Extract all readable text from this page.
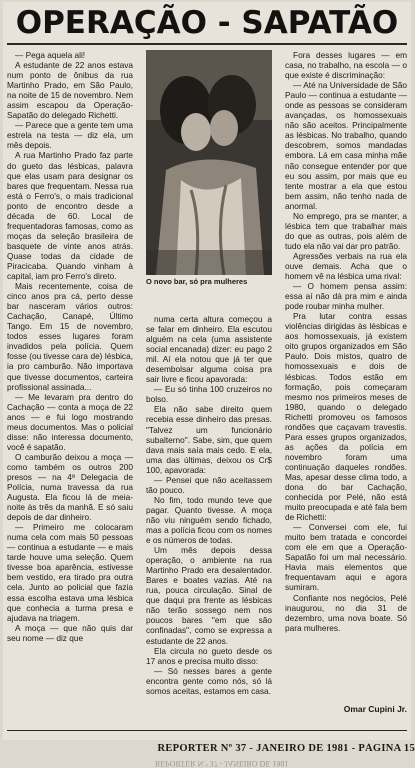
OPERAÇÃO - SAPATÃO

— Pega aquela ali!

A estudante de 22 anos estava num ponto de ônibus da rua Martinho Prado, em São Paulo, na noite de 15 de novembro. Nem assim escapou da Operação-Sapatão do delegado Richetti.

— Parece que a gente tem uma estrela na testa — diz ela, um mês depois.

A rua Martinho Prado faz parte do gueto das lésbicas, palavra que elas usam para designar os bares que frequentam. Nessa rua está o Ferro's, o mais tradicional ponto de encontro desde a década de 60. Local de frequentadoras famosas, como as moças da seleção brasileira de basquete de vinte anos atrás. Quase todas da cidade de Piracicaba. Quando vinham à capital, iam pro Ferro's direto.

Mais recentemente, coisa de cinco anos pra cá, perto desse bar nasceram vários outros: Cachação, Canapé, Último Tango. Em 15 de novembro, todos esses lugares foram invadidos pela polícia. Quem fosse (ou tivesse cara de) lésbica, ia pro camburão. Não importava que tivesse documentos, carteira profissional assinada...

— Me levaram pra dentro do Cachação — conta a moça de 22 anos — e fui logo mostrando meus documentos. Mas o policial disse: não interessa documento, você é sapatão.

O camburão deixou a moça — como também os outros 200 presos — na 4ª Delegacia de Polícia, numa travessa da rua Augusta. Ela ficou lá de meia-noite às três da manhã. E só saiu depois de dar dinheiro.

— Primeiro me colocaram numa cela com mais 50 pessoas — continua a estudante — e mais tarde houve uma seleção. Quem tivesse boa aparência, estivesse bem vestido, era tirado pra outra cela. Junto ao policial que fazia essa escolha estava uma lésbica que conhecia a turma presa e ajudava na triagem.

A moça — que não quis dar seu nome — diz que

O novo bar, só pra mulheres

numa certa altura começou a se falar em dinheiro. Ela escutou alguém na cela (uma assistente social encanada) dizer: eu pago 2 mil. Aí ela notou que já ter que desembolsar alguma coisa pra sair livre e ficou apavorada:

— Eu só tinha 100 cruzeiros no bolso.

Ela não sabe direito quem recebia esse dinheiro das presas. "Talvez um funcionário subalterno". Sabe, sim, que quem dava mais saía mais cedo. E ela, uma das últimas, deixou os Cr$ 100, apavorada:

— Pensei que não aceitassem tão pouco.

No fim, todo mundo teve que pagar. Quanto tivesse. A moça não viu ninguém sendo fichado, mas a polícia ficou com os nomes e os números de todas.

Um mês depois dessa operação, o ambiente na rua Martinho Prado era desalentador. Bares e boates vazias. Até na rua, pouca circulação. Sinal de que daqui pra frente as lésbicas não terão sossego nem nos poucos bares "em que são confinadas", como se expressa a estudante de 22 anos.

Ela circula no gueto desde os 17 anos e precisa muito disso:

— Só nesses bares a gente encontra gente como nós, só lá somos aceitas, estamos em casa.

Fora desses lugares — em casa, no trabalho, na escola — o que existe é discriminação:

— Até na Universidade de São Paulo — continua a estudante — onde as pessoas se consideram avançadas, os homossexuais não são aceitos. Principalmente as lésbicas. No trabalho, quando descobrem, somos mandadas embora. Lá em casa minha mãe não consegue entender por que eu sou assim, por mais que eu tente mostrar a ela que estou bem assim, não tenho nada de anormal.

No emprego, pra se manter, a lésbica tem que trabalhar mais do que as outras, pois além de tudo ela não vai dar pro patrão.

Agressões verbais na rua ela ouve demais. Acha que o homem vê na lésbica uma rival:

— O homem pensa assim: essa aí não dá pra mim e ainda pode roubar minha mulher.

Pra lutar contra essas violências dirigidas às lésbicas e aos homossexuais, já existem oito grupos organizados em São Paulo. Dois mistos, quatro de homossexuais e dois de lésbicas. Todos estão em formação, pois começaram mesmo nos primeiros meses de 1980, quando o delegado Richetti promoveu os famosos rondões que caçavam travestis. Para esses grupos organizados, as ações da polícia em novembro foram uma continuação daqueles rondões. Mas, apesar desse clima todo, a dona do bar Cachação, conhecida por Pelé, não está muito preocupada e até fala bem de Richetti:

— Conversei com ele, fui muito bem tratada e concordei com ele em que a Operação-Sapatão foi um mal necessário. Havia mais elementos que frequentavam aqui e agora sumiram.

Confiante nos negócios, Pelé inaugurou, no dia 31 de dezembro, uma nova boate. Só para mulheres.

Omar Cupini Jr.
REPORTER Nº 37 - JANEIRO DE 1981 - PÁGINA 15
REPORTER N.º 37 - JANEIRO DE 1981
